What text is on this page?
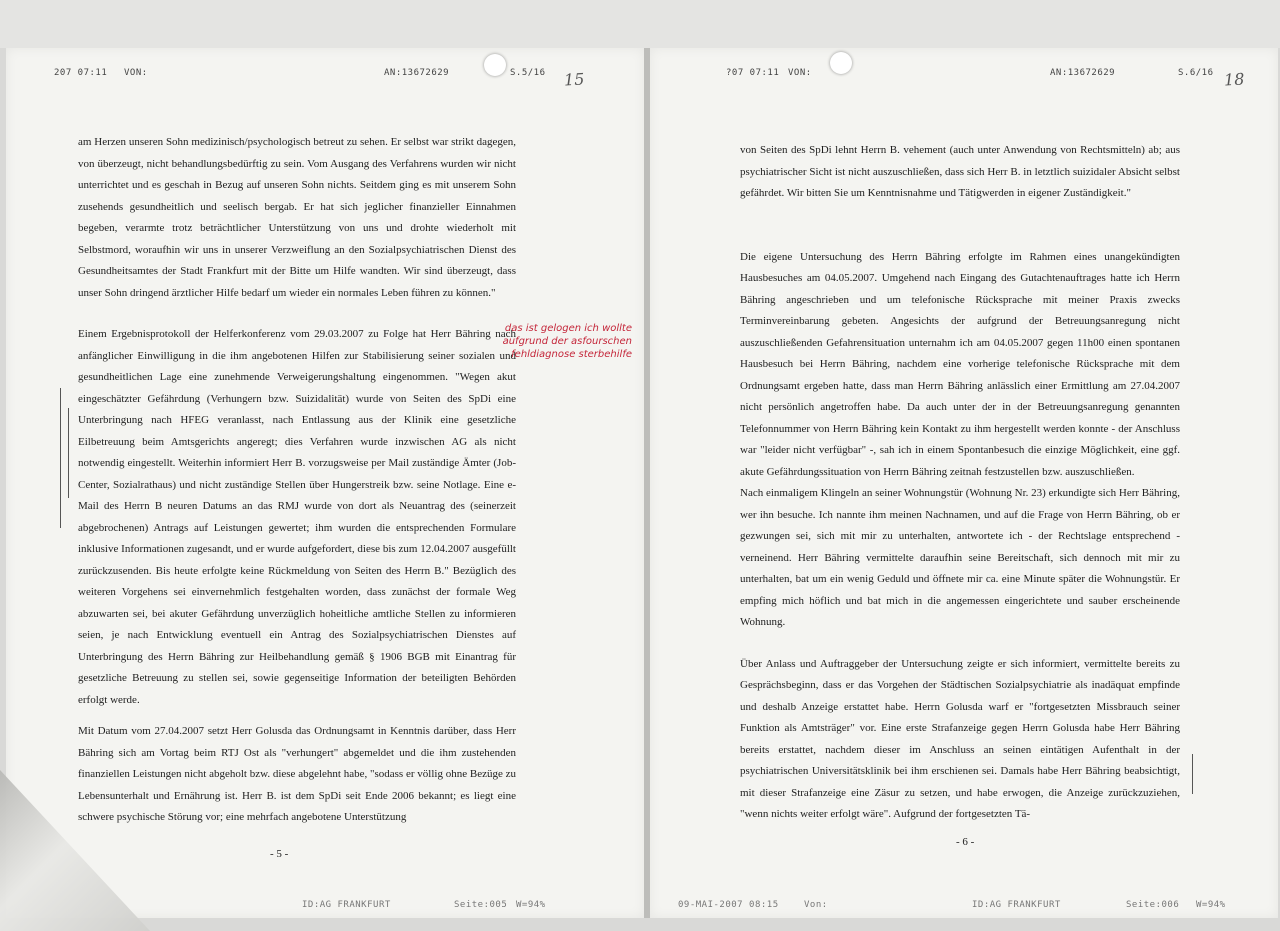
207 07:11 VON:	AN:13672629	S.5/16 15

am Herzen unseren Sohn medizinisch/psychologisch betreut zu sehen. Er selbst war strikt dagegen, von überzeugt, nicht behandlungsbedürftig zu sein. Vom Ausgang des Verfahrens wurden wir nicht unterrichtet und es geschah in Bezug auf unseren Sohn nichts. Seitdem ging es mit unserem Sohn zusehends gesundheitlich und seelisch bergab. Er hat sich jeglicher finanzieller Einnahmen begeben, verarmte trotz beträchtlicher Unterstützung von uns und drohte wiederholt mit Selbstmord, woraufhin wir uns in unserer Verzweiflung an den Sozialpsychiatrischen Dienst des Gesundheitsamtes der Stadt Frankfurt mit der Bitte um Hilfe wandten. Wir sind überzeugt, dass unser Sohn dringend ärztlicher Hilfe bedarf um wieder ein normales Leben führen zu können."

Einem Ergebnisprotokoll der Helferkonferenz vom 29.03.2007 zu Folge hat Herr Bähring nach anfänglicher Einwilligung in die ihm angebotenen Hilfen zur Stabilisierung seiner sozialen und gesundheitlichen Lage eine zunehmende Verweigerungshaltung eingenommen. "Wegen akut eingeschätzter Gefährdung (Verhungern bzw. Suizidalität) wurde von Seiten des SpDi eine Unterbringung nach HFEG veranlasst, nach Entlassung aus der Klinik eine gesetzliche Eilbetreuung beim Amtsgerichts angeregt; dies Verfahren wurde inzwischen AG als nicht notwendig eingestellt. Weiterhin informiert Herr B. vorzugsweise per Mail zuständige Ämter (Job-Center, Sozialrathaus) und nicht zuständige Stellen über Hungerstreik bzw. seine Notlage. Eine e-Mail des Herrn B neuren Datums an das RMJ wurde von dort als Neuantrag des (seinerzeit abgebrochenen) Antrags auf Leistungen gewertet; ihm wurden die entsprechenden Formulare inklusive Informationen zugesandt, und er wurde aufgefordert, diese bis zum 12.04.2007 ausgefüllt zurückzusenden. Bis heute erfolgte keine Rückmeldung von Seiten des Herrn B." Bezüglich des weiteren Vorgehens sei einvernehmlich festgehalten worden, dass zunächst der formale Weg abzuwarten sei, bei akuter Gefährdung unverzüglich hoheitliche amtliche Stellen zu informieren seien, je nach Entwicklung eventuell ein Antrag des Sozialpsychiatrischen Dienstes auf Unterbringung des Herrn Bähring zur Heilbehandlung gemäß § 1906 BGB mit Einantrag für gesetzliche Betreuung zu stellen sei, sowie gegenseitige Information der beteiligten Behörden erfolgt werde.

Mit Datum vom 27.04.2007 setzt Herr Golusda das Ordnungsamt in Kenntnis darüber, dass Herr Bähring sich am Vortag beim RTJ Ost als "verhungert" abgemeldet und die ihm zustehenden finanziellen Leistungen nicht abgeholt bzw. diese abgelehnt habe, "sodass er völlig ohne Bezüge zu Lebensunterhalt und Ernährung ist. Herr B. ist dem SpDi seit Ende 2006 bekannt; es liegt eine schwere psychische Störung vor; eine mehrfach angebotene Unterstützung

das ist gelogen ich wollte
aufgrund der asfourschen
fehldiagnose sterbehilfe
- 5 -
ID:AG FRANKFURT	Seite:005 W=94%
?07 07:11 VON:	AN:13672629	S.6/16 18

von Seiten des SpDi lehnt Herrn B. vehement (auch unter Anwendung von Rechtsmitteln) ab; aus psychiatrischer Sicht ist nicht auszuschließen, dass sich Herr B. in letztlich suizidaler Absicht selbst gefährdet. Wir bitten Sie um Kenntnisnahme und Tätigwerden in eigener Zuständigkeit."

Die eigene Untersuchung des Herrn Bähring erfolgte im Rahmen eines unangekündigten Hausbesuches am 04.05.2007. Umgehend nach Eingang des Gutachtenauftrages hatte ich Herrn Bähring angeschrieben und um telefonische Rücksprache mit meiner Praxis zwecks Terminvereinbarung gebeten. Angesichts der aufgrund der Betreuungsanregung nicht auszuschließenden Gefahrensituation unternahm ich am 04.05.2007 gegen 11h00 einen spontanen Hausbesuch bei Herrn Bähring, nachdem eine vorherige telefonische Rücksprache mit dem Ordnungsamt ergeben hatte, dass man Herrn Bähring anlässlich einer Ermittlung am 27.04.2007 nicht persönlich angetroffen habe. Da auch unter der in der Betreuungsanregung genannten Telefonnummer von Herrn Bähring kein Kontakt zu ihm hergestellt werden konnte - der Anschluss war "leider nicht verfügbar" -, sah ich in einem Spontanbesuch die einzige Möglichkeit, eine ggf. akute Gefährdungssituation von Herrn Bähring zeitnah festzustellen bzw. auszuschließen.

Nach einmaligem Klingeln an seiner Wohnungstür (Wohnung Nr. 23) erkundigte sich Herr Bähring, wer ihn besuche. Ich nannte ihm meinen Nachnamen, und auf die Frage von Herrn Bähring, ob er gezwungen sei, sich mit mir zu unterhalten, antwortete ich - der Rechtslage entsprechend - verneinend. Herr Bähring vermittelte daraufhin seine Bereitschaft, sich dennoch mit mir zu unterhalten, bat um ein wenig Geduld und öffnete mir ca. eine Minute später die Wohnungstür. Er empfing mich höflich und bat mich in die angemessen eingerichtete und sauber erscheinende Wohnung.

Über Anlass und Auftraggeber der Untersuchung zeigte er sich informiert, vermittelte bereits zu Gesprächsbeginn, dass er das Vorgehen der Städtischen Sozialpsychiatrie als inadäquat empfinde und deshalb Anzeige erstattet habe. Herrn Golusda warf er "fortgesetzten Missbrauch seiner Funktion als Amtsträger" vor. Eine erste Strafanzeige gegen Herrn Golusda habe Herr Bähring bereits erstattet, nachdem dieser im Anschluss an seinen eintätigen Aufenthalt in der psychiatrischen Universitätsklinik bei ihm erschienen sei. Damals habe Herr Bähring beabsichtigt, mit dieser Strafanzeige eine Zäsur zu setzen, und habe erwogen, die Anzeige zurückzuziehen, "wenn nichts weiter erfolgt wäre". Aufgrund der fortgesetzten Tä-

- 6 -
09-MAI-2007 08:15	Von:	ID:AG FRANKFURT	Seite:006 W=94%
